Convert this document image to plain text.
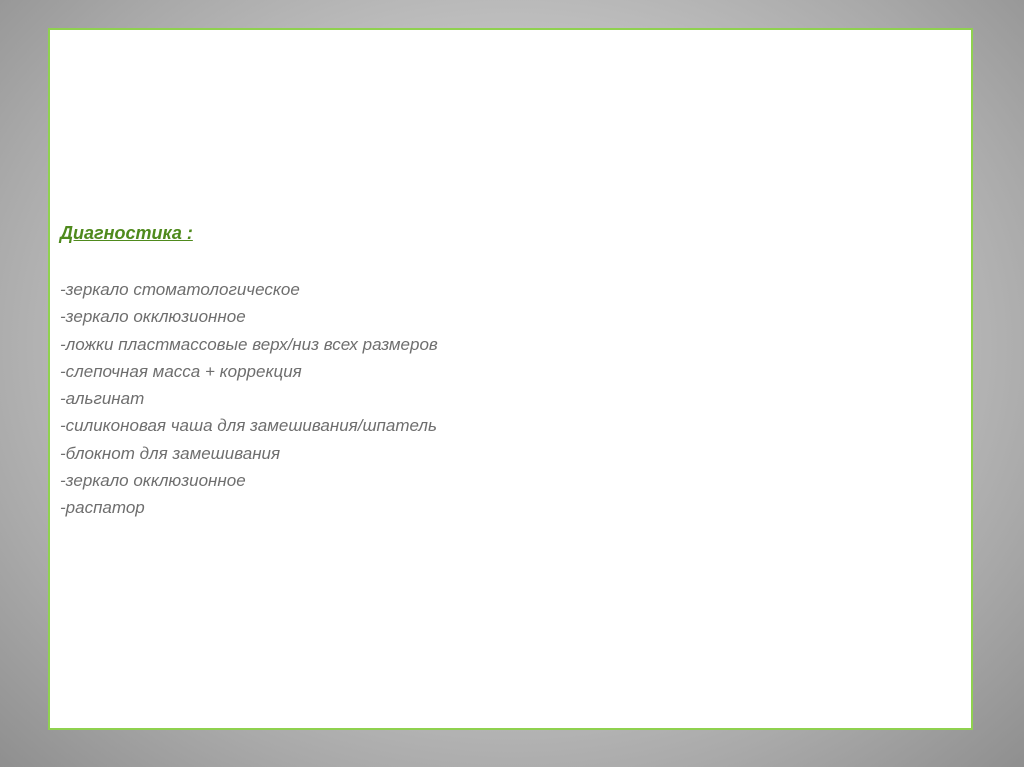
Диагностика :

-зеркало стоматологическое
-зеркало окклюзионное
-ложки пластмассовые верх/низ всех размеров
-слепочная масса + коррекция
-альгинат
-силиконовая чаша для замешивания/шпатель
-блокнот для замешивания
-зеркало окклюзионное
-распатор
